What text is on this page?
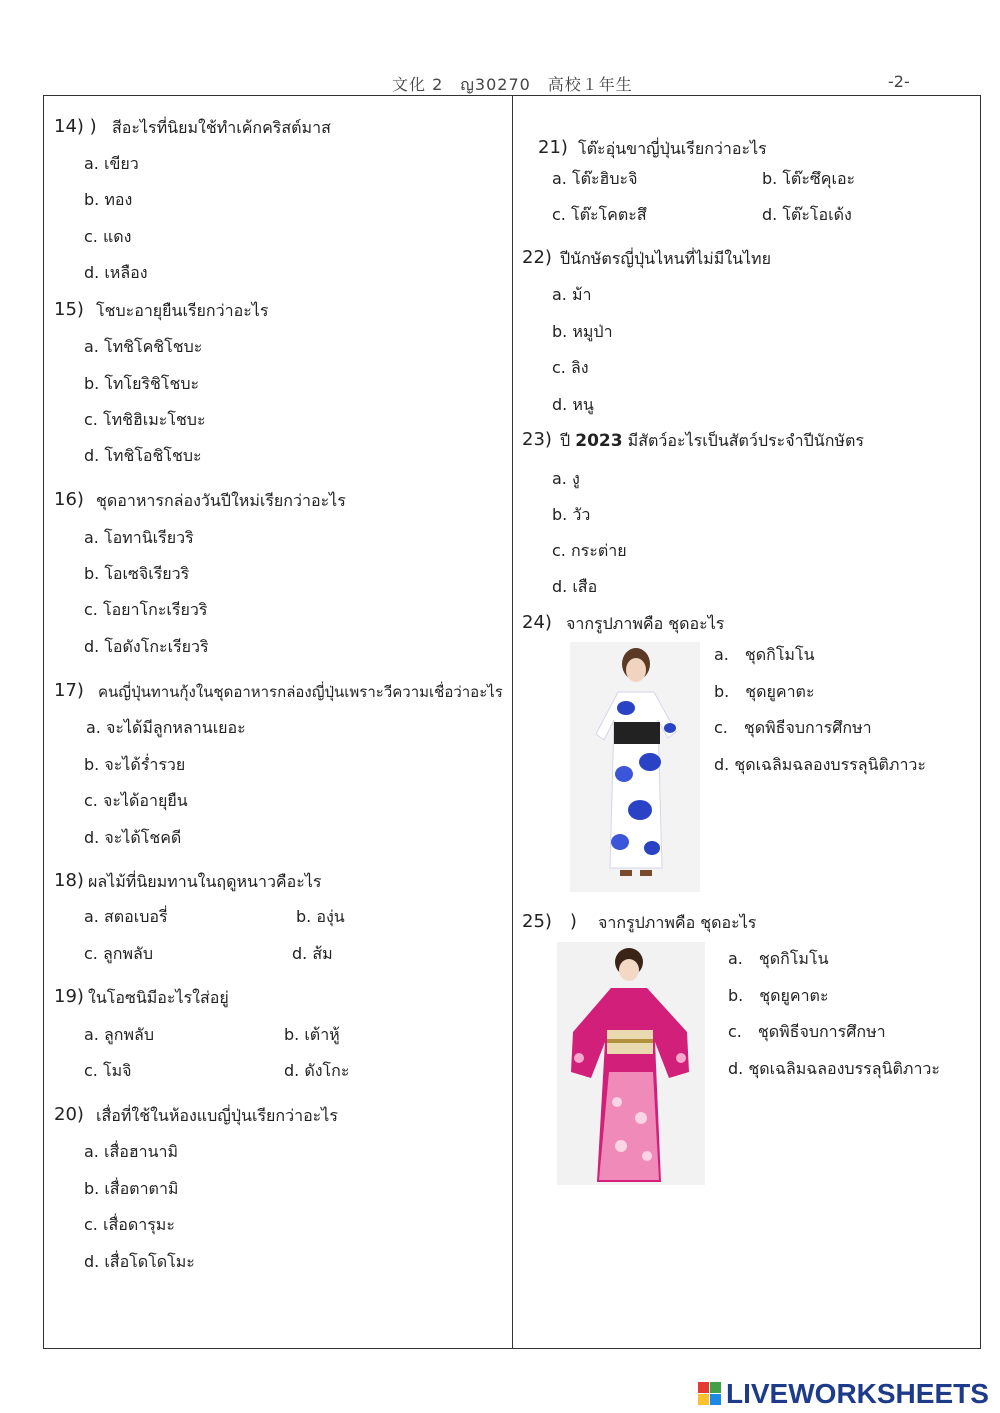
文化 2　ญ30270　高校１年生	-2-
14) ) สีอะไรที่นิยมใช้ทำเค้กคริสต์มาส
a. เขียว
b. ทอง
c. แดง
d. เหลือง
15) โชบะอายุยืนเรียกว่าอะไร
a. โทชิโคชิโชบะ
b. โทโยริชิโชบะ
c. โทชิฮิเมะโชบะ
d. โทชิโอชิโชบะ
16) ชุดอาหารกล่องวันปีใหม่เรียกว่าอะไร
a. โอทานิเรียวริ
b. โอเซจิเรียวริ
c. โอยาโกะเรียวริ
d. โอดังโกะเรียวริ
17) คนญี่ปุ่นทานกุ้งในชุดอาหารกล่องญี่ปุ่นเพราะวีความเชื่อว่าอะไร
a. จะได้มีลูกหลานเยอะ
b. จะได้ร่ำรวย
c. จะได้อายุยืน
d. จะได้โชคดี
18) ผลไม้ที่นิยมทานในฤดูหนาวคือะไร
a. สตอเบอรี่	b. องุ่น
c. ลูกพลับ	d. ส้ม
19) ในโอซนิมีอะไรใส่อยู่
a. ลูกพลับ	b. เต้าหู้
c. โมจิ	d. ดังโกะ
20) เสื่อที่ใช้ในห้องแบญี่ปุ่นเรียกว่าอะไร
a. เสื่อฮานามิ
b. เสื่อตาตามิ
c. เสื่อดารุมะ
d. เสื่อโดโดโมะ
21) โต๊ะอุ่นขาญี่ปุ่นเรียกว่าอะไร
a. โต๊ะฮิบะจิ	b. โต๊ะซึคุเอะ
c. โต๊ะโคตะสึ	d. โต๊ะโอเด้ง
22) ปีนักษัตรญี่ปุ่นไหนที่ไม่มีในไทย
a. ม้า
b. หมูป่า
c. ลิง
d. หนู
23) ปี 2023 มีสัตว์อะไรเป็นสัตว์ประจำปีนักษัตร
a. งู
b. วัว
c. กระต่าย
d. เสือ
24) จากรูปภาพคือ ชุดอะไร
a.　ชุดกิโมโน
b.　ชุดยูคาตะ
c.　ชุดพิธีจบการศึกษา
d. ชุดเฉลิมฉลองบรรลุนิติภาวะ
25)　) จากรูปภาพคือ ชุดอะไร
a.　ชุดกิโมโน
b.　ชุดยูคาตะ
c.　ชุดพิธีจบการศึกษา
d. ชุดเฉลิมฉลองบรรลุนิติภาวะ
LIVEWORKSHEETS
